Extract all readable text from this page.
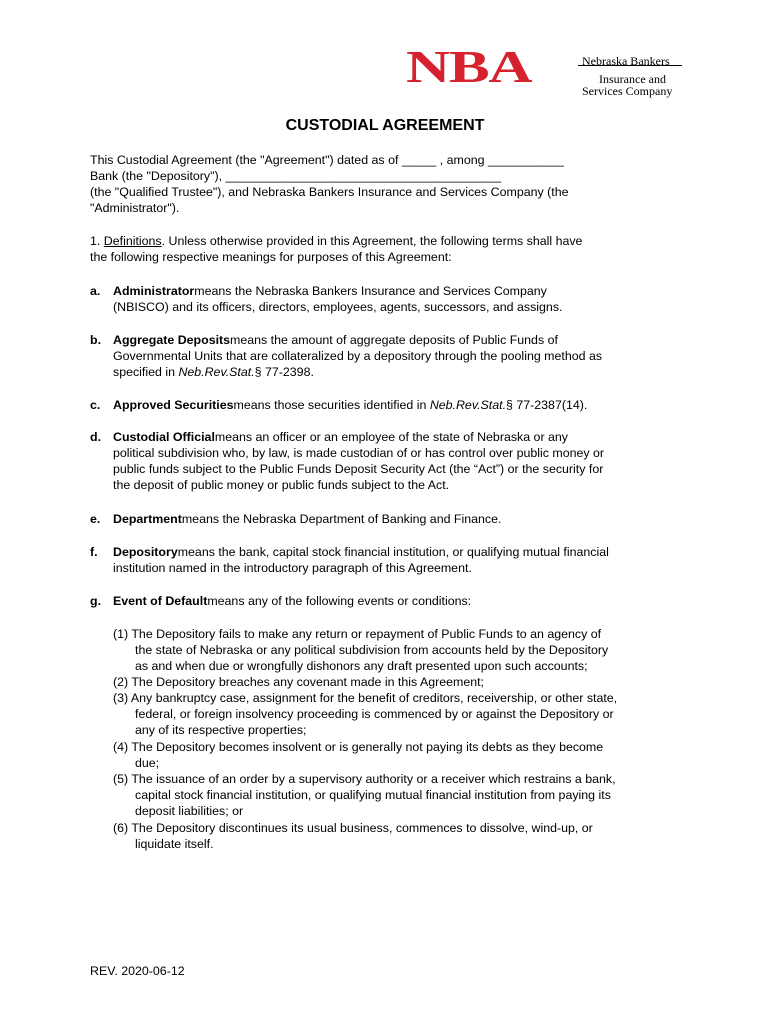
NBA	Nebraska Bankers
Insurance and
Services Company
CUSTODIAL AGREEMENT
This Custodial Agreement (the "Agreement") dated as of _____ , among ___________
Bank (the "Depository"), ________________________________________
(the "Qualified Trustee"), and Nebraska Bankers Insurance and Services Company (the
"Administrator").
1. Definitions. Unless otherwise provided in this Agreement, the following terms shall have
the following respective meanings for purposes of this Agreement:
a. Administratormeans the Nebraska Bankers Insurance and Services Company
(NBISCO) and its officers, directors, employees, agents, successors, and assigns.
b. Aggregate Depositsmeans the amount of aggregate deposits of Public Funds of
Governmental Units that are collateralized by a depository through the pooling method as
specified in Neb.Rev.Stat.§ 77-2398.
c. Approved Securitiesmeans those securities identified in Neb.Rev.Stat.§ 77-2387(14).
d. Custodial Officialmeans an officer or an employee of the state of Nebraska or any
political subdivision who, by law, is made custodian of or has control over public money or
public funds subject to the Public Funds Deposit Security Act (the “Act”) or the security for
the deposit of public money or public funds subject to the Act.
e. Departmentmeans the Nebraska Department of Banking and Finance.
f. Depositorymeans the bank, capital stock financial institution, or qualifying mutual financial
institution named in the introductory paragraph of this Agreement.
g. Event of Defaultmeans any of the following events or conditions:
(1) The Depository fails to make any return or repayment of Public Funds to an agency of
the state of Nebraska or any political subdivision from accounts held by the Depository
as and when due or wrongfully dishonors any draft presented upon such accounts;
(2) The Depository breaches any covenant made in this Agreement;
(3) Any bankruptcy case, assignment for the benefit of creditors, receivership, or other state,
federal, or foreign insolvency proceeding is commenced by or against the Depository or
any of its respective properties;
(4) The Depository becomes insolvent or is generally not paying its debts as they become
due;
(5) The issuance of an order by a supervisory authority or a receiver which restrains a bank,
capital stock financial institution, or qualifying mutual financial institution from paying its
deposit liabilities; or
(6) The Depository discontinues its usual business, commences to dissolve, wind-up, or
liquidate itself.
REV. 2020-06-12
